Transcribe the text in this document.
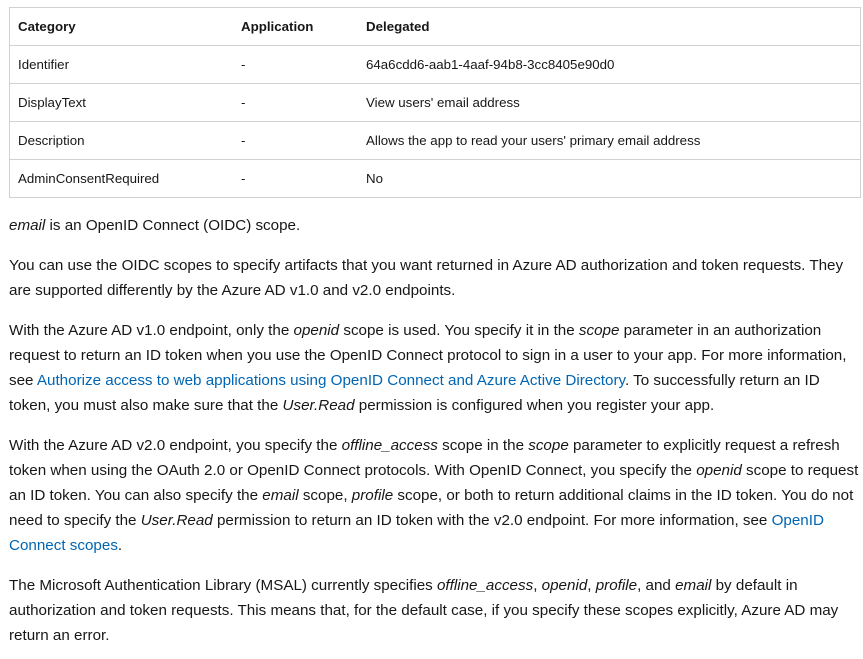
Category	Application	Delegated
Identifier	-	64a6cdd6-aab1-4aaf-94b8-3cc8405e90d0
DisplayText	-	View users' email address
Description	-	Allows the app to read your users' primary email address
AdminConsentRequired	-	No

email is an OpenID Connect (OIDC) scope.

You can use the OIDC scopes to specify artifacts that you want returned in Azure AD authorization and token requests. They are supported differently by the Azure AD v1.0 and v2.0 endpoints.

With the Azure AD v1.0 endpoint, only the openid scope is used. You specify it in the scope parameter in an authorization request to return an ID token when you use the OpenID Connect protocol to sign in a user to your app. For more information, see Authorize access to web applications using OpenID Connect and Azure Active Directory. To successfully return an ID token, you must also make sure that the User.Read permission is configured when you register your app.

With the Azure AD v2.0 endpoint, you specify the offline_access scope in the scope parameter to explicitly request a refresh token when using the OAuth 2.0 or OpenID Connect protocols. With OpenID Connect, you specify the openid scope to request an ID token. You can also specify the email scope, profile scope, or both to return additional claims in the ID token. You do not need to specify the User.Read permission to return an ID token with the v2.0 endpoint. For more information, see OpenID Connect scopes.

The Microsoft Authentication Library (MSAL) currently specifies offline_access, openid, profile, and email by default in authorization and token requests. This means that, for the default case, if you specify these scopes explicitly, Azure AD may return an error.
